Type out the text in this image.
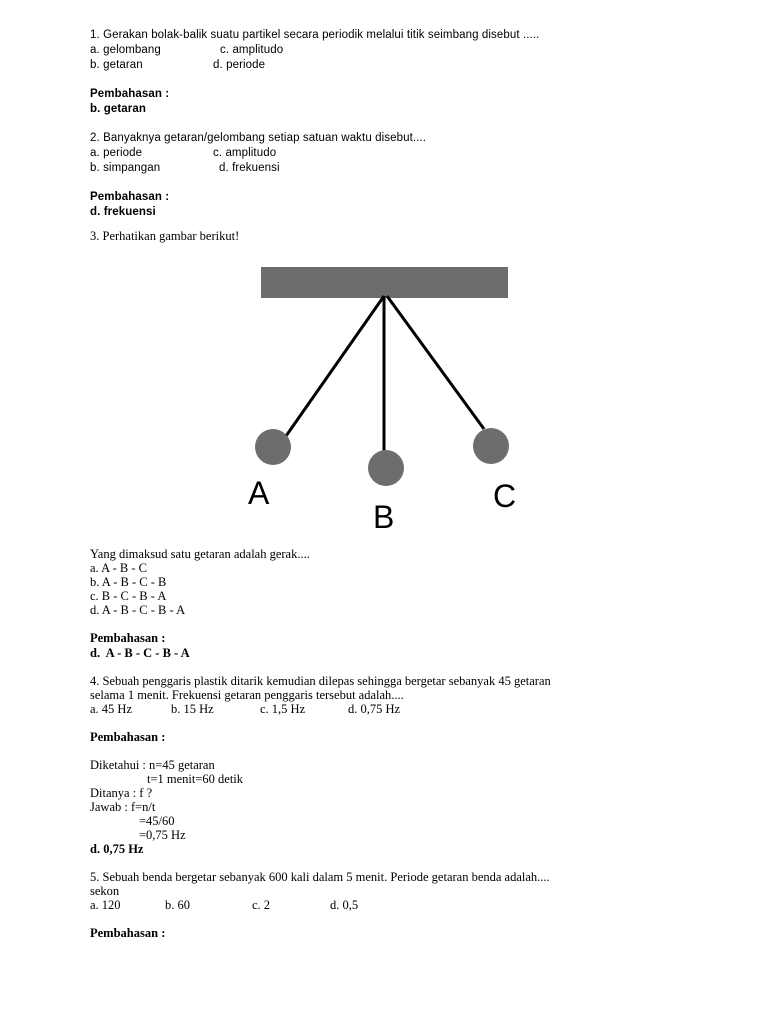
1. Gerakan bolak-balik suatu partikel secara periodik melalui titik seimbang disebut .....
a. gelombang	c. amplitudo
b. getaran	d. periode
Pembahasan :
b. getaran
2. Banyaknya getaran/gelombang setiap satuan waktu disebut....
a. periode	c. amplitudo
b. simpangan	d. frekuensi
Pembahasan :
d. frekuensi
3. Perhatikan gambar berikut!
A
B
C
Yang dimaksud satu getaran adalah gerak....
a. A - B - C
b. A - B - C - B
c. B - C - B - A
d. A - B - C - B - A
Pembahasan :
d.  A - B - C - B - A
4. Sebuah penggaris plastik ditarik kemudian dilepas sehingga bergetar sebanyak 45 getaran
selama 1 menit. Frekuensi getaran penggaris tersebut adalah....
a. 45 Hz	b. 15 Hz	c. 1,5 Hz	d. 0,75 Hz
Pembahasan :
Diketahui : n=45 getaran
t=1 menit=60 detik
Ditanya : f ?
Jawab : f=n/t
=45/60
=0,75 Hz
d. 0,75 Hz
5. Sebuah benda bergetar sebanyak 600 kali dalam 5 menit. Periode getaran benda adalah....
sekon
a. 120	b. 60	c. 2	d. 0,5
Pembahasan :
